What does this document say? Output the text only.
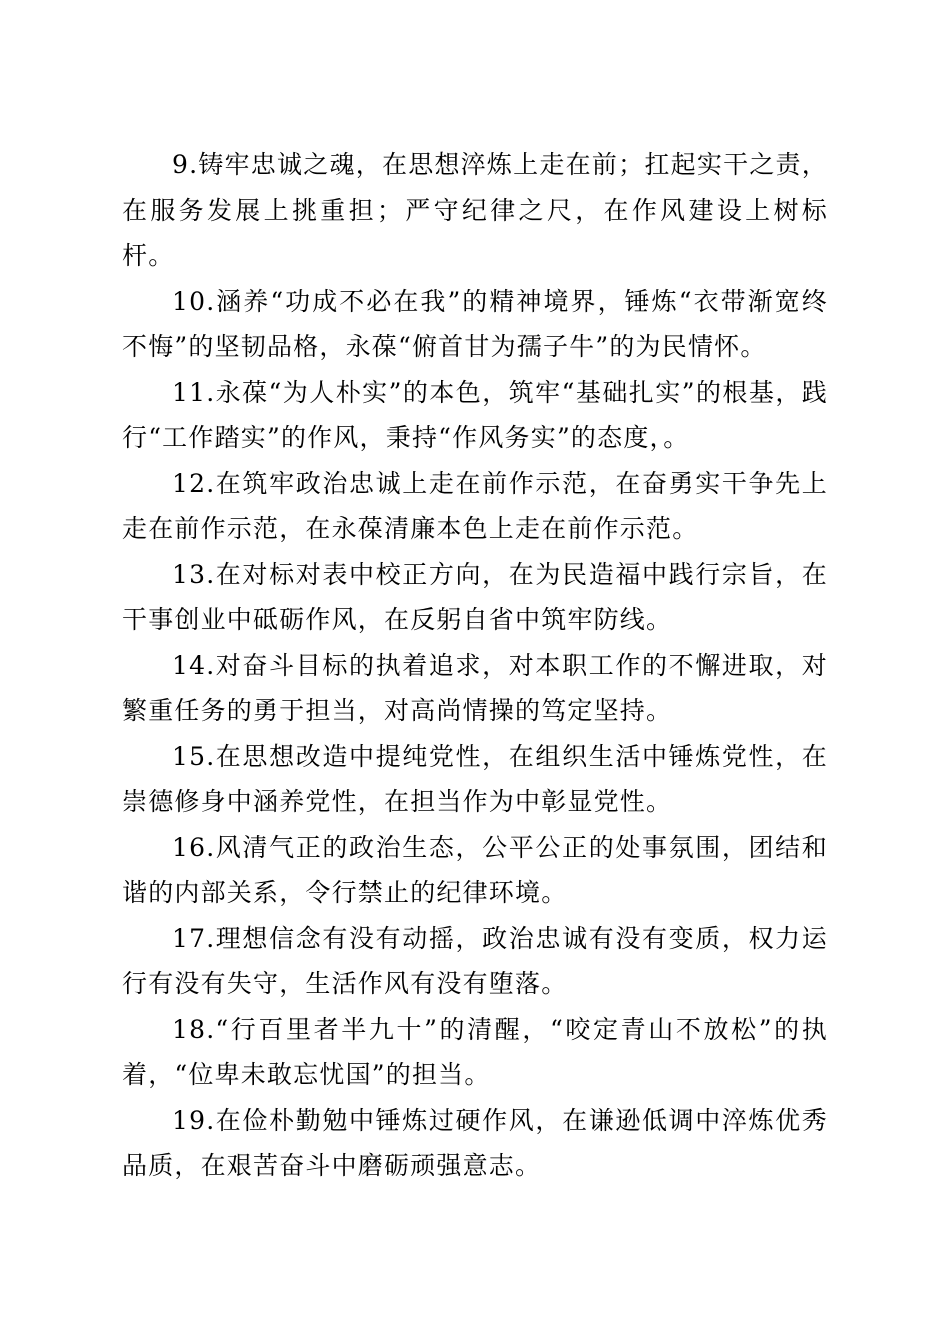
9.铸牢忠诚之魂，在思想淬炼上走在前；扛起实干之责，在服务发展上挑重担；严守纪律之尺，在作风建设上树标杆。

10.涵养“功成不必在我”的精神境界，锤炼“衣带渐宽终不悔”的坚韧品格，永葆“俯首甘为孺子牛”的为民情怀。

11.永葆“为人朴实”的本色，筑牢“基础扎实”的根基，践行“工作踏实”的作风，秉持“作风务实”的态度，。

12.在筑牢政治忠诚上走在前作示范，在奋勇实干争先上走在前作示范，在永葆清廉本色上走在前作示范。

13.在对标对表中校正方向，在为民造福中践行宗旨，在干事创业中砥砺作风，在反躬自省中筑牢防线。

14.对奋斗目标的执着追求，对本职工作的不懈进取，对繁重任务的勇于担当，对高尚情操的笃定坚持。

15.在思想改造中提纯党性，在组织生活中锤炼党性，在崇德修身中涵养党性，在担当作为中彰显党性。

16.风清气正的政治生态，公平公正的处事氛围，团结和谐的内部关系，令行禁止的纪律环境。

17.理想信念有没有动摇，政治忠诚有没有变质，权力运行有没有失守，生活作风有没有堕落。

18.“行百里者半九十”的清醒，“咬定青山不放松”的执着，“位卑未敢忘忧国”的担当。

19.在俭朴勤勉中锤炼过硬作风，在谦逊低调中淬炼优秀品质，在艰苦奋斗中磨砺顽强意志。
